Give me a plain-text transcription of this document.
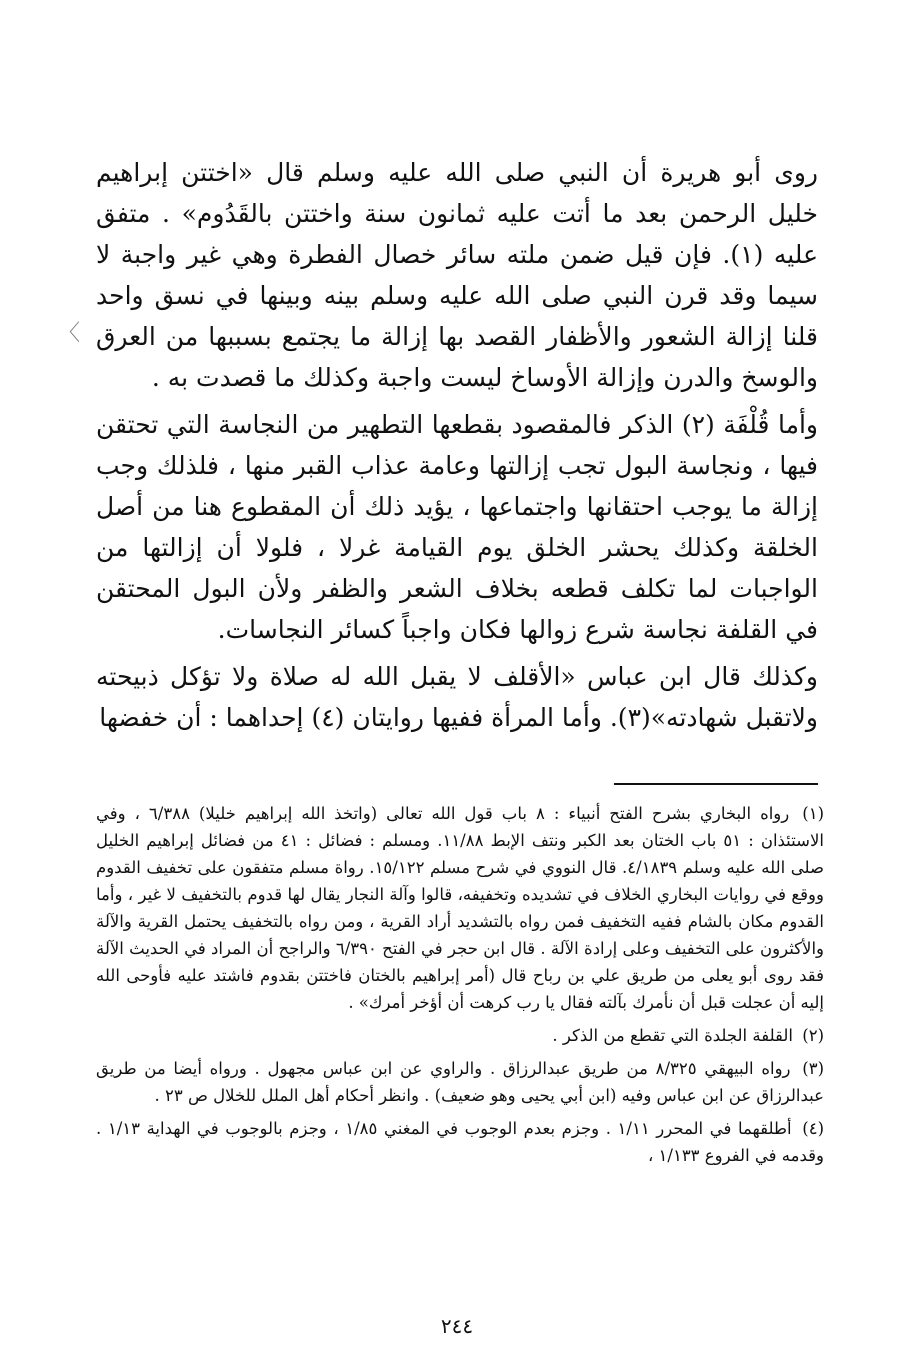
روى أبو هريرة أن النبي صلى الله عليه وسلم قال «اختتن إبراهيم خليل الرحمن بعد ما أتت عليه ثمانون سنة واختتن بالقَدُوم» . متفق عليه (١). فإن قيل ضمن ملته سائر خصال الفطرة وهي غير واجبة لا سيما وقد قرن النبي صلى الله عليه وسلم بينه وبينها في نسق واحد قلنا إزالة الشعور والأظفار القصد بها إزالة ما يجتمع بسببها من العرق والوسخ والدرن وإزالة الأوساخ ليست واجبة وكذلك ما قصدت به .

وأما قُلْفَة (٢) الذكر فالمقصود بقطعها التطهير من النجاسة التي تحتقن فيها ، ونجاسة البول تجب إزالتها وعامة عذاب القبر منها ، فلذلك وجب إزالة ما يوجب احتقانها واجتماعها ، يؤيد ذلك أن المقطوع هنا من أصل الخلقة وكذلك يحشر الخلق يوم القيامة غرلا ، فلولا أن إزالتها من الواجبات لما تكلف قطعه بخلاف الشعر والظفر ولأن البول المحتقن في القلفة نجاسة شرع زوالها فكان واجباً كسائر النجاسات.

وكذلك قال ابن عباس «الأقلف لا يقبل الله له صلاة ولا تؤكل ذبيحته ولاتقبل شهادته»(٣). وأما المرأة ففيها روايتان (٤) إحداهما : أن خفضها

〈

(١) رواه البخاري بشرح الفتح أنبياء : ٨ باب قول الله تعالى (واتخذ الله إبراهيم خليلا) ٦/٣٨٨ ، وفي الاستئذان : ٥١ باب الختان بعد الكبر ونتف الإبط ١١/٨٨. ومسلم : فضائل : ٤١ من فضائل إبراهيم الخليل صلى الله عليه وسلم ٤/١٨٣٩. قال النووي في شرح مسلم ١٥/١٢٢. رواة مسلم متفقون على تخفيف القدوم ووقع في روايات البخاري الخلاف في تشديده وتخفيفه، قالوا وآلة النجار يقال لها قدوم بالتخفيف لا غير ، وأما القدوم مكان بالشام ففيه التخفيف فمن رواه بالتشديد أراد القرية ، ومن رواه بالتخفيف يحتمل القرية والآلة والأكثرون على التخفيف وعلى إرادة الآلة . قال ابن حجر في الفتح ٦/٣٩٠ والراجح أن المراد في الحديث الآلة فقد روى أبو يعلى من طريق علي بن رباح قال (أمر إبراهيم بالختان فاختتن بقدوم فاشتد عليه فأوحى الله إليه أن عجلت قبل أن نأمرك بآلته فقال يا رب كرهت أن أؤخر أمرك» .

(٢) القلفة الجلدة التي تقطع من الذكر .

(٣) رواه البيهقي ٨/٣٢٥ من طريق عبدالرزاق . والراوي عن ابن عباس مجهول . ورواه أيضا من طريق عبدالرزاق عن ابن عباس وفيه (ابن أبي يحيى وهو ضعيف) . وانظر أحكام أهل الملل للخلال ص ٢٣ .

(٤) أطلقهما في المحرر ١/١١ . وجزم بعدم الوجوب في المغني ١/٨٥ ، وجزم بالوجوب في الهداية ١/١٣ . وقدمه في الفروع ١/١٣٣ ،

٢٤٤
